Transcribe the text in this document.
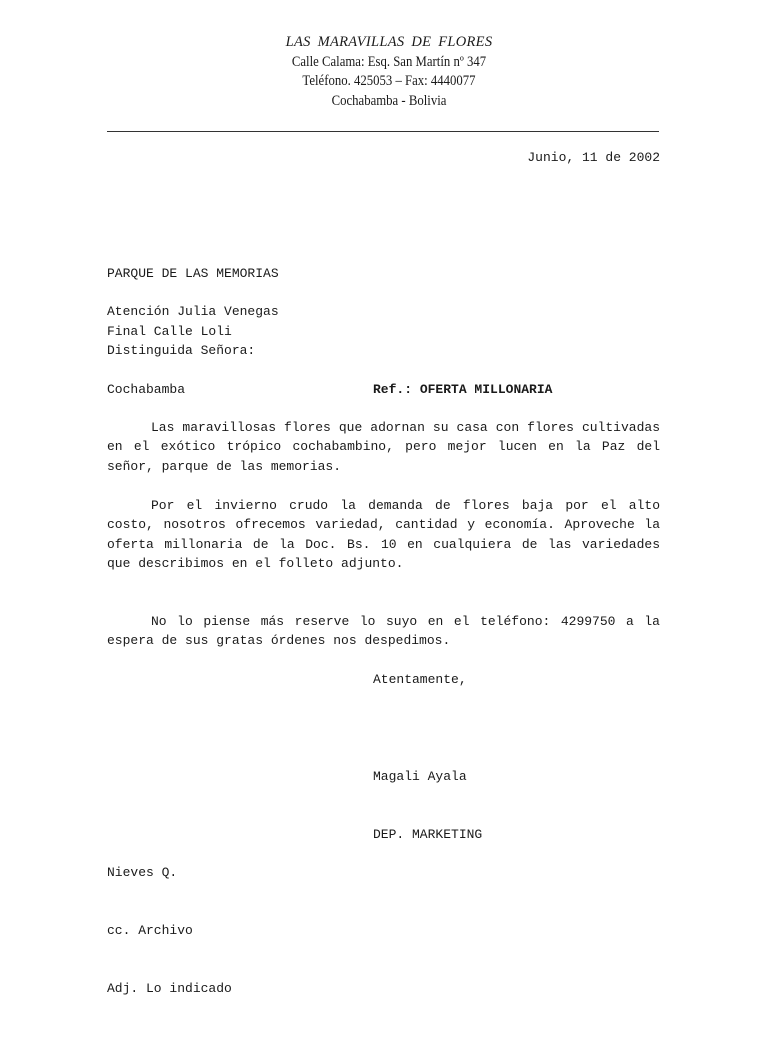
LAS MARAVILLAS DE FLORES
Calle Calama: Esq. San Martín nº 347
Teléfono. 425053 – Fax: 4440077
Cochabamba - Bolivia
Junio, 11 de 2002

PARQUE DE LAS MEMORIAS

Final Calle Loli

Cochabamba

Atención Julia Venegas
Distinguida Señora:
Ref.: OFERTA MILLONARIA

Las maravillosas flores que adornan su casa con flores cultivadas en el exótico trópico cochabambino, pero mejor lucen en la Paz del señor, parque de las memorias.

Por el invierno crudo la demanda de flores baja por el alto costo, nosotros ofrecemos variedad, cantidad y economía. Aproveche la oferta millonaria de la Doc. Bs. 10 en cualquiera de las variedades que describimos en el folleto adjunto.

No lo piense más reserve lo suyo en el teléfono: 4299750 a la espera de sus gratas órdenes nos despedimos.

Atentamente,

Magali Ayala

DEP. MARKETING

Nieves Q.

cc. Archivo

Adj. Lo indicado
